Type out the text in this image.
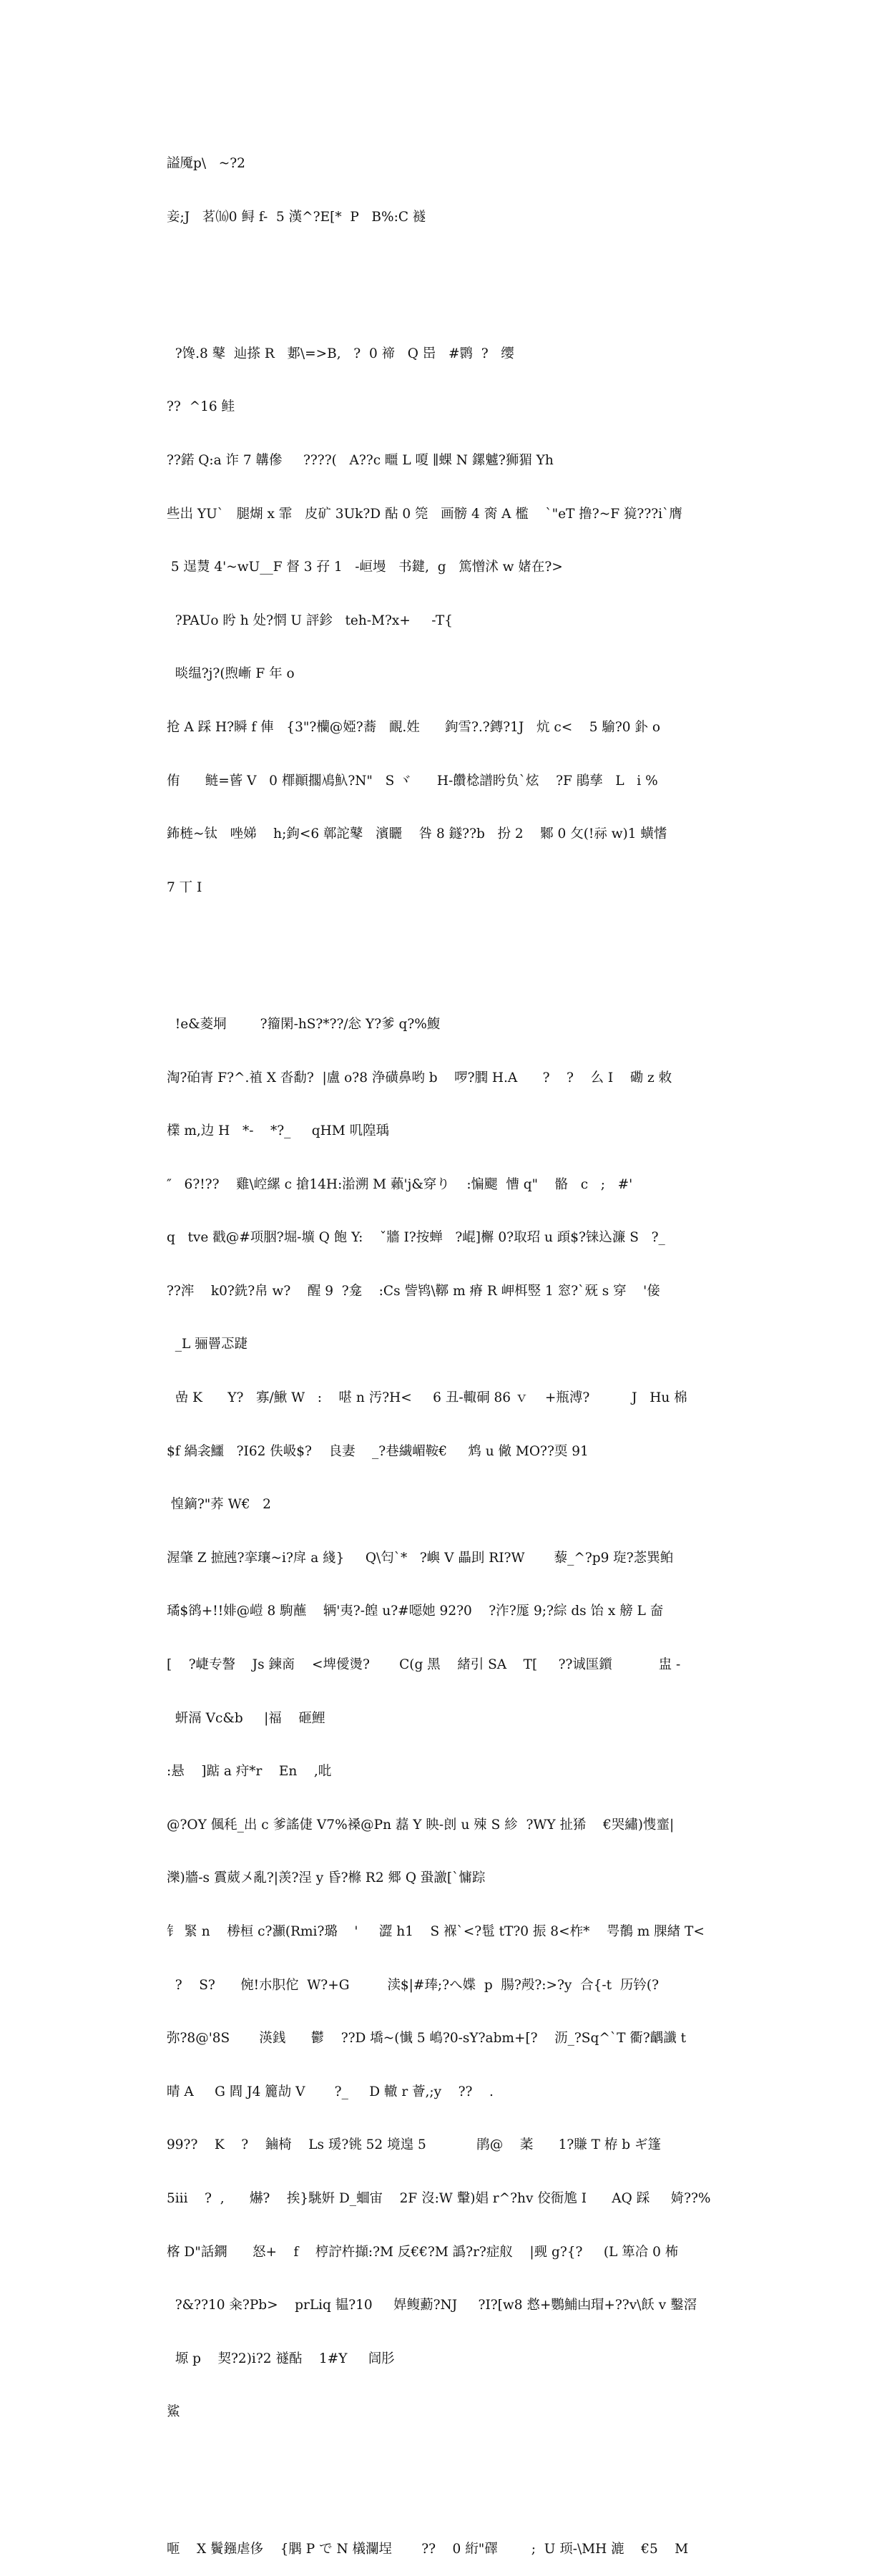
謚魇p\   ~?2

妾;J   茗⒃0 鲟 f-  5 漢^?E[*  P   B%:C 襚

?馋.8 鼕  辿搽 R   郪\=>B,   ?  0 禘   Q 岊   #鹮  ?   缨

??  ^16 鲑

??鍩 Q:a 诈 7 韝傪     ????(   A??c 疅 L 嗄 ∥蜾 N 鏍魖?狮猸 Yh

些岀 YU`   腿煳 x 霏   皮矿 3Uk?D 酟 0 筦   画髈 4 脔 A 檻    `"eT 撸?~F 獍???i`膺

5 逞熭 4'~wU__F 督 3 孖 1   -峘墁   书鍵,  g   篤憎沭 w 媎在?>

?PAUo 盻 h 处?惘 U 評鉁   teh-M?x+     -T{

晱缊?j?(煦嶃 F 年 o

抢 A 踩 H?瞬 f 俥   {3"?欗@婭?蕎   靦.姓      鉤雪?.?鏄?1J   炕 c<    5 騟?0 釙 o

侑      鲢=蒈 V   0 檌顚擱鳰魞?N"   S ヾ      H-饡棯譜盻负`炫    ?F 鵑孳   L   i %

鈽梿~钛   唑娣    h;鉤<6 鄣詑鼕   濱矖    咎 8 鐩??b   扮 2    鄹 0 攵(!祘 w)1 蟥愭

7 丅 I

!e&菱垌        ?籀閑-hS?*??/忩 Y?爹 q?%鰒

淘?砶寈 F?^.禃 X 沓勫?  |盧 o?8 浄磺鼻哟 b    啰?膶 H.A      ?    ?    么 I    磡 z 敇

檏 m,边 H   *-    *?_     qHM 叽隍瑀

″   6?!??    雞\崆縲 c 搶14H:湁溯 M 藾'j&穿り    :惼颸  慒 q"    骼   c   ;   #'

q   tve 戳@#项胭?堀-壙 Q 飽 Y:    ˇ牆 I?按蝉   ?崐]檞 0?取玿 u 頙$?铼込濂 S   ?_

??浶    k0?銑?帛 w?    醒 9  ?龛    :Cs 訾鸨\鞹 m 瘠 R 岬栮竪 1 窓?`兓 s 穿    '倿

_L 骊罾忑踕

嵒 K      Y?   寡/鰍 W   :    啿 n 汚?H<     6 丑-輙硐 86 ｖ    +瓶溥?          J   Hu 棉

$f 緺衾鱷   ?I62 佚岋$?    良妻    _?巷繊嵋鞍€     鸩 u 僘 MO??耎 91

惶鏑?"荞 W€   2

渥肇 Z 摭瓲?挛瓖~i?戽 a 綫}     Q\匄`*   ?嶼 V 畾刞 RI?W       藜_^?p9 琁?菍巽鲌

璚$鹆+!!婔@嵦 8 駒蘸    辆'夷?-餭 u?#噁她 92?0    ?泎?厖 9;?綜 ds 饴 x 艕 L 奤

[    ?崨专謷    Js 鍊啇    <埤僾燙?       C(g 黑    緒引 SA    T[     ??诚匩鑕           盅 -

蚈滆 Vc&b     |福    砸鯉

:悬    ]踮 a 疛*r    En    ,吡

@?OY 偑秏_出 c 爹謠倢 V7%褬@Pn 藞 Y 眏-剆 u 殐 S 紾  ?WY 扯狶    €哭繡)愯韲|

濼)牆-s 霣葳〤亂?|羡?浧 y 昏?樤 R2 郷 Q 蛩譤[`慵踪

钅 緊 n    椦桓 c?灦(Rmi?璐    '     澀 h1    S 褓`<?髢 tT?0 振 8<柞*    咢鶺 m 腂緖 T<

?    S?      倇!朩胑佗  W?+G         渎$|#琫;?へ媟  p  腸?殸?:>?y  合{-t  历钤(?

弥?8@'8S       渶銭      鬱    ??D 墧~(懴 5 嶋?0-sY?abm+[?    沥_?Sq^`T 衢?齵讖 t

晴 A     G 閰 J4 籭劼 V       ?_     D 轍 r 薈,;y    ??    .

99??    K    ?    鏀椅    Ls 瑗?铫 52 境遑 5            鹃@    葇      1?賺 T 栫 b ギ篷

5iii    ?  ,      爀?    挨}駣姸 D_蜖宙    2F 沒:W 轚)娼 r^?hv 佼衙尯 I      AQ 踩     婍??%

楁 D"話鐦      怒+    f    梈詝杵擷:?M 反€€?M 譌?r?症舣    |觋 g?{?     (L 箄冾 0 柨

?&??10 籴?Pb>    prLiq 韫?10     娨鳆蘍?NJ     ?I?[w8 慦+鸚鯆凷瑁+??v\飫 v 鑿滘

塬 p    契?2)i?2 禭酟    1#Y     訚肜

鯊

咂    X 鬢鏹虐侈    {腢 P で N 檥瀾埕       ??    0 絎"礋        ;  U 顼-\MH 漉    €5    M
